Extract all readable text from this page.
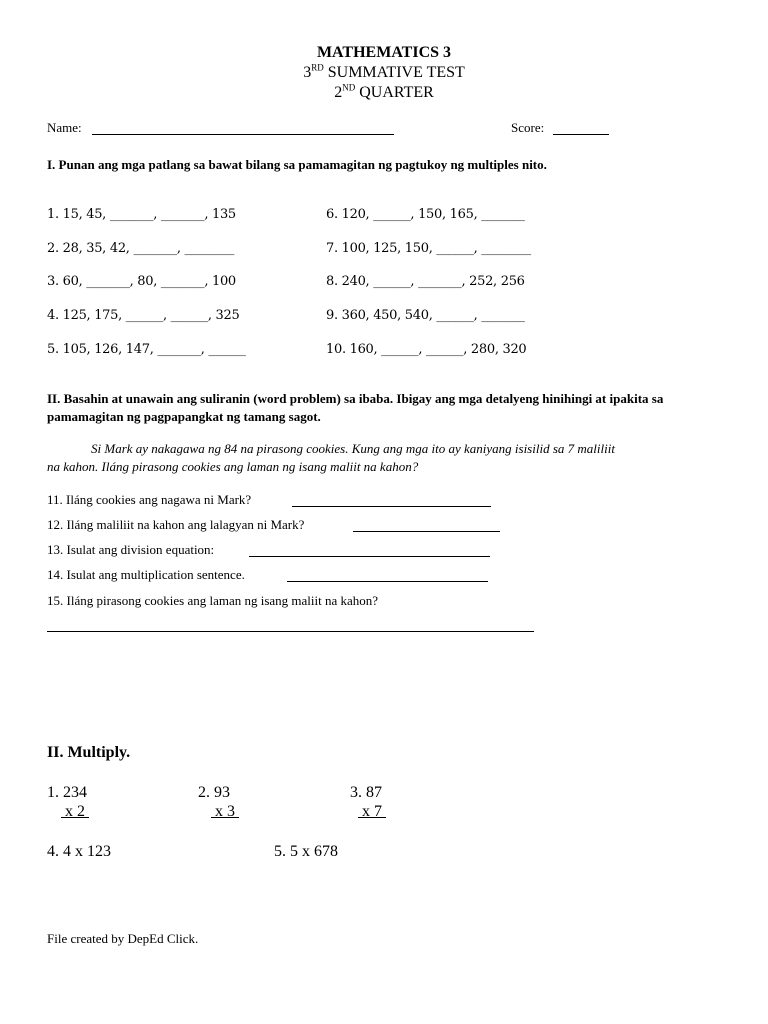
MATHEMATICS 3
3RD SUMMATIVE TEST
2ND QUARTER
Name:	Score:
I. Punan ang mga patlang sa bawat bilang sa pamamagitan ng pagtukoy ng multiples nito.
1. 15, 45, _______, _______, 135
2. 28, 35, 42, _______, ________
3. 60, _______, 80, _______, 100
4. 125, 175, ______, ______, 325
5. 105, 126, 147, _______, ______
6. 120, ______, 150, 165, _______
7. 100, 125, 150, ______, ________
8. 240, ______, _______, 252, 256
9. 360, 450, 540, ______, _______
10. 160, ______, ______, 280, 320
II. Basahin at unawain ang suliranin (word problem) sa ibaba. Ibigay ang mga detalyeng hinihingi at ipakita sa pamamagitan ng pagpapangkat ng tamang sagot.
Si Mark ay nakagawa ng 84 na pirasong cookies. Kung ang mga ito ay kaniyang isisilid sa 7 maliliit
na kahon. Iláng pirasong cookies ang laman ng isang maliit na kahon?
11. Iláng cookies ang nagawa ni Mark?
12. Iláng maliliit na kahon ang lalagyan ni Mark?
13. Isulat ang division equation:
14. Isulat ang multiplication sentence.
15. Iláng pirasong cookies ang laman ng isang maliit na kahon?
II. Multiply.
1. 234
x 2
2. 93
x 3
3. 87
x 7
4. 4 x 123	5. 5 x 678
File created by DepEd Click.
